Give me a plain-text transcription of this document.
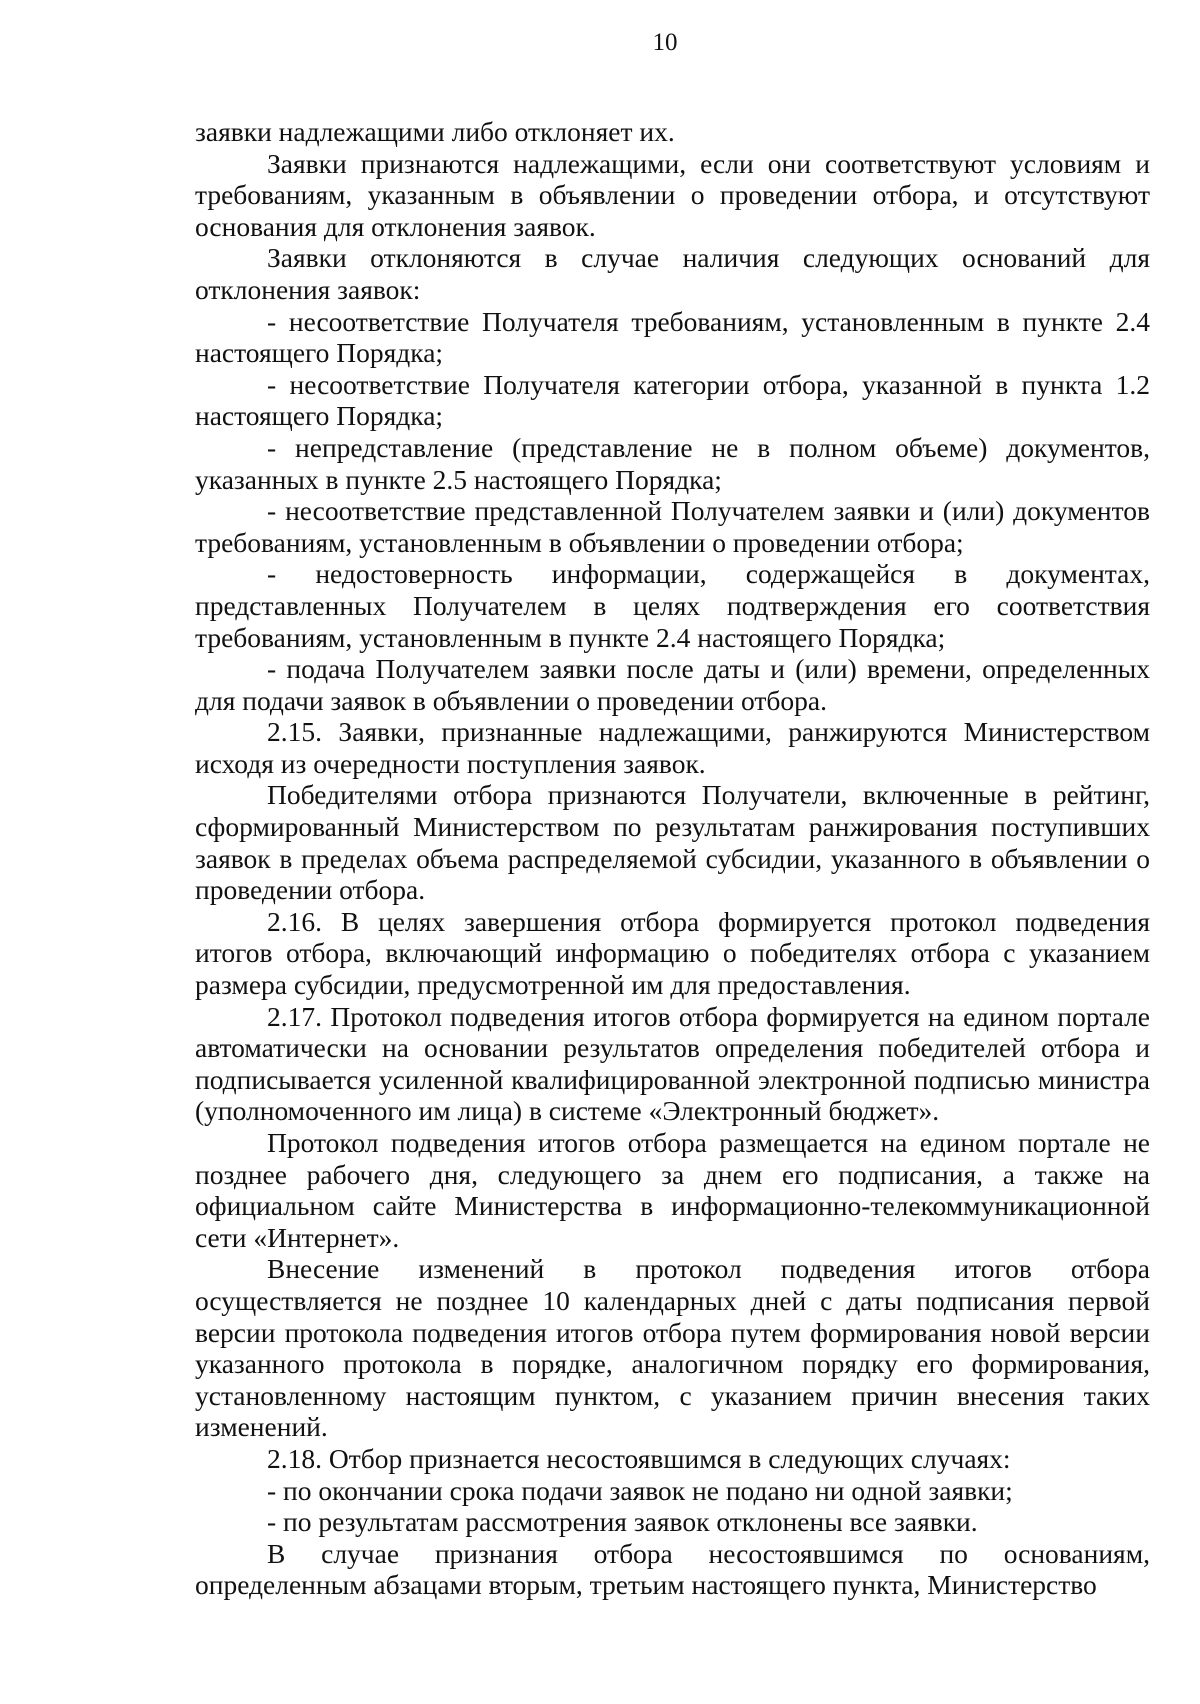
10

заявки надлежащими либо отклоняет их.

Заявки признаются надлежащими, если они соответствуют условиям и требованиям, указанным в объявлении о проведении отбора, и отсутствуют основания для отклонения заявок.

Заявки отклоняются в случае наличия следующих оснований для отклонения заявок:

- несоответствие Получателя требованиям, установленным в пункте 2.4 настоящего Порядка;

- несоответствие Получателя категории отбора, указанной в пункта 1.2 настоящего Порядка;

- непредставление (представление не в полном объеме) документов, указанных в пункте 2.5 настоящего Порядка;

- несоответствие представленной Получателем заявки и (или) документов требованиям, установленным в объявлении о проведении отбора;

- недостоверность информации, содержащейся в документах, представленных Получателем в целях подтверждения его соответствия требованиям, установленным в пункте 2.4 настоящего Порядка;

- подача Получателем заявки после даты и (или) времени, определенных для подачи заявок в объявлении о проведении отбора.

2.15. Заявки, признанные надлежащими, ранжируются Министерством исходя из очередности поступления заявок.

Победителями отбора признаются Получатели, включенные в рейтинг, сформированный Министерством по результатам ранжирования поступивших заявок в пределах объема распределяемой субсидии, указанного в объявлении о проведении отбора.

2.16. В целях завершения отбора формируется протокол подведения итогов отбора, включающий информацию о победителях отбора с указанием размера субсидии, предусмотренной им для предоставления.

2.17. Протокол подведения итогов отбора формируется на едином портале автоматически на основании результатов определения победителей отбора и подписывается усиленной квалифицированной электронной подписью министра (уполномоченного им лица) в системе «Электронный бюджет».

Протокол подведения итогов отбора размещается на едином портале не позднее рабочего дня, следующего за днем его подписания, а также на официальном сайте Министерства в информационно-телекоммуникационной сети «Интернет».

Внесение изменений в протокол подведения итогов отбора осуществляется не позднее 10 календарных дней с даты подписания первой версии протокола подведения итогов отбора путем формирования новой версии указанного протокола в порядке, аналогичном порядку его формирования, установленному настоящим пунктом, с указанием причин внесения таких изменений.

2.18. Отбор признается несостоявшимся в следующих случаях:

- по окончании срока подачи заявок не подано ни одной заявки;

- по результатам рассмотрения заявок отклонены все заявки.

В случае признания отбора несостоявшимся по основаниям, определенным абзацами вторым, третьим настоящего пункта, Министерство
